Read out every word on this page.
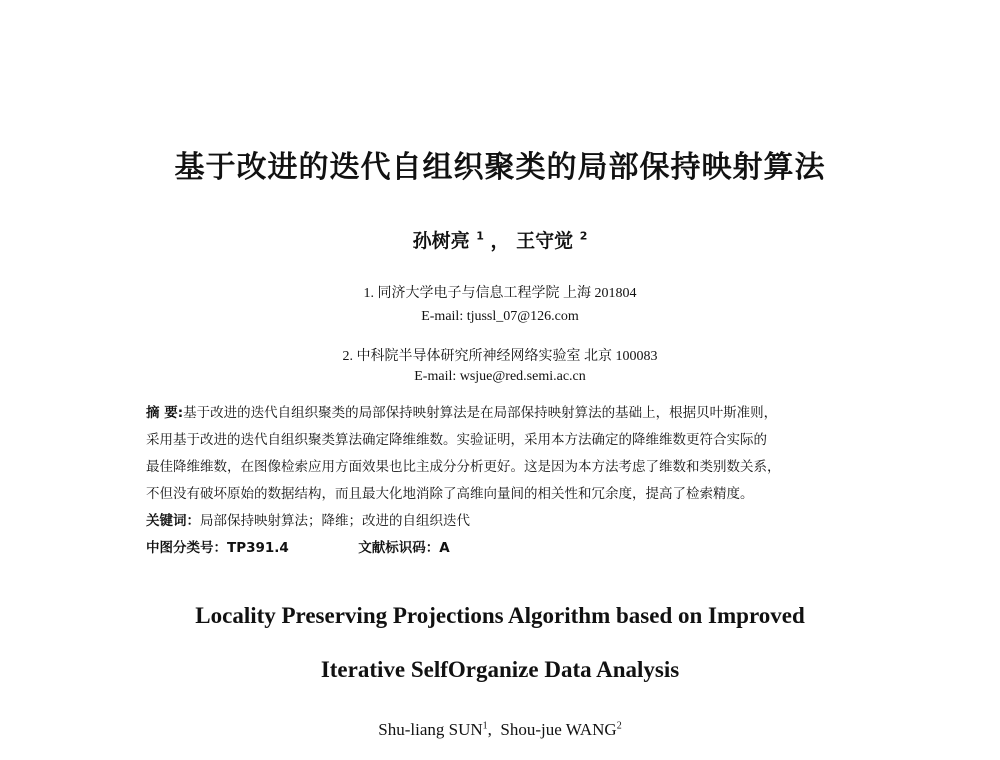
基于改进的迭代自组织聚类的局部保持映射算法
孙树亮 $^1$ ， 王守觉 $^2$
1. 同济大学电子与信息工程学院 上海 201804
E-mail: tjussl_07@126.com
2. 中科院半导体研究所神经网络实验室 北京 100083
E-mail: wsjue@red.semi.ac.cn
摘 要:基于改进的迭代自组织聚类的局部保持映射算法是在局部保持映射算法的基础上，根据贝叶斯准则，
采用基于改进的迭代自组织聚类算法确定降维维数。实验证明，采用本方法确定的降维维数更符合实际的
最佳降维维数，在图像检索应用方面效果也比主成分分析更好。这是因为本方法考虑了维数和类别数关系，
不但没有破坏原始的数据结构，而且最大化地消除了高维向量间的相关性和冗余度，提高了检索精度。
关键词：局部保持映射算法；降维；改进的自组织迭代
中图分类号：TP391.4	文献标识码：A
Locality Preserving Projections Algorithm based on Improved
Iterative SelfOrganize Data Analysis
Shu-liang SUN$^1$,  Shou-jue WANG$^2$
